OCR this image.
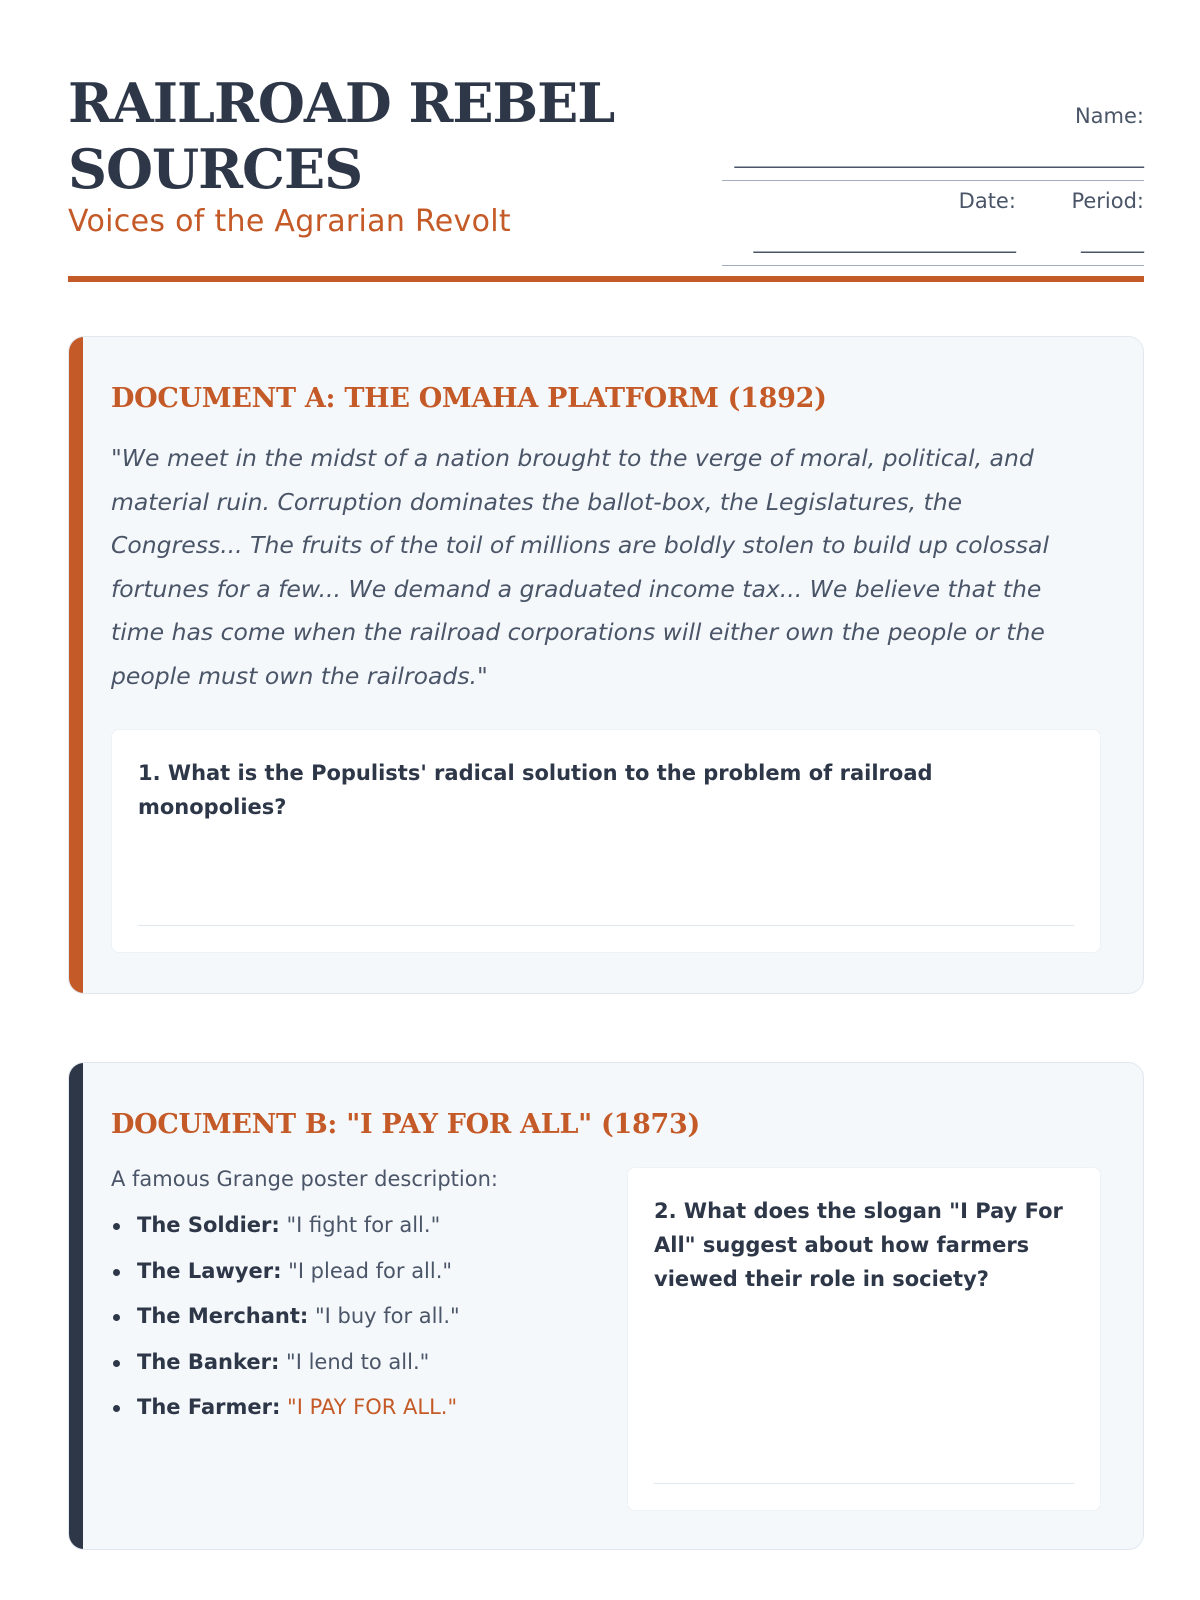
RAILROAD REBEL SOURCES
Voices of the Agrarian Revolt
Name: _______________________________________
Date: _________________________
Period: ______
DOCUMENT A: THE OMAHA PLATFORM (1892)

"We meet in the midst of a nation brought to the verge of moral, political, and material ruin. Corruption dominates the ballot-box, the Legislatures, the Congress... The fruits of the toil of millions are boldly stolen to build up colossal fortunes for a few... We demand a graduated income tax... We believe that the time has come when the railroad corporations will either own the people or the people must own the railroads."

1. What is the Populists' radical solution to the problem of railroad monopolies?

DOCUMENT B: "I PAY FOR ALL" (1873)
A famous Grange poster description:
The Soldier: "I fight for all."
The Lawyer: "I plead for all."
The Merchant: "I buy for all."
The Banker: "I lend to all."
The Farmer: "I PAY FOR ALL."

2. What does the slogan "I Pay For All" suggest about how farmers viewed their role in society?
